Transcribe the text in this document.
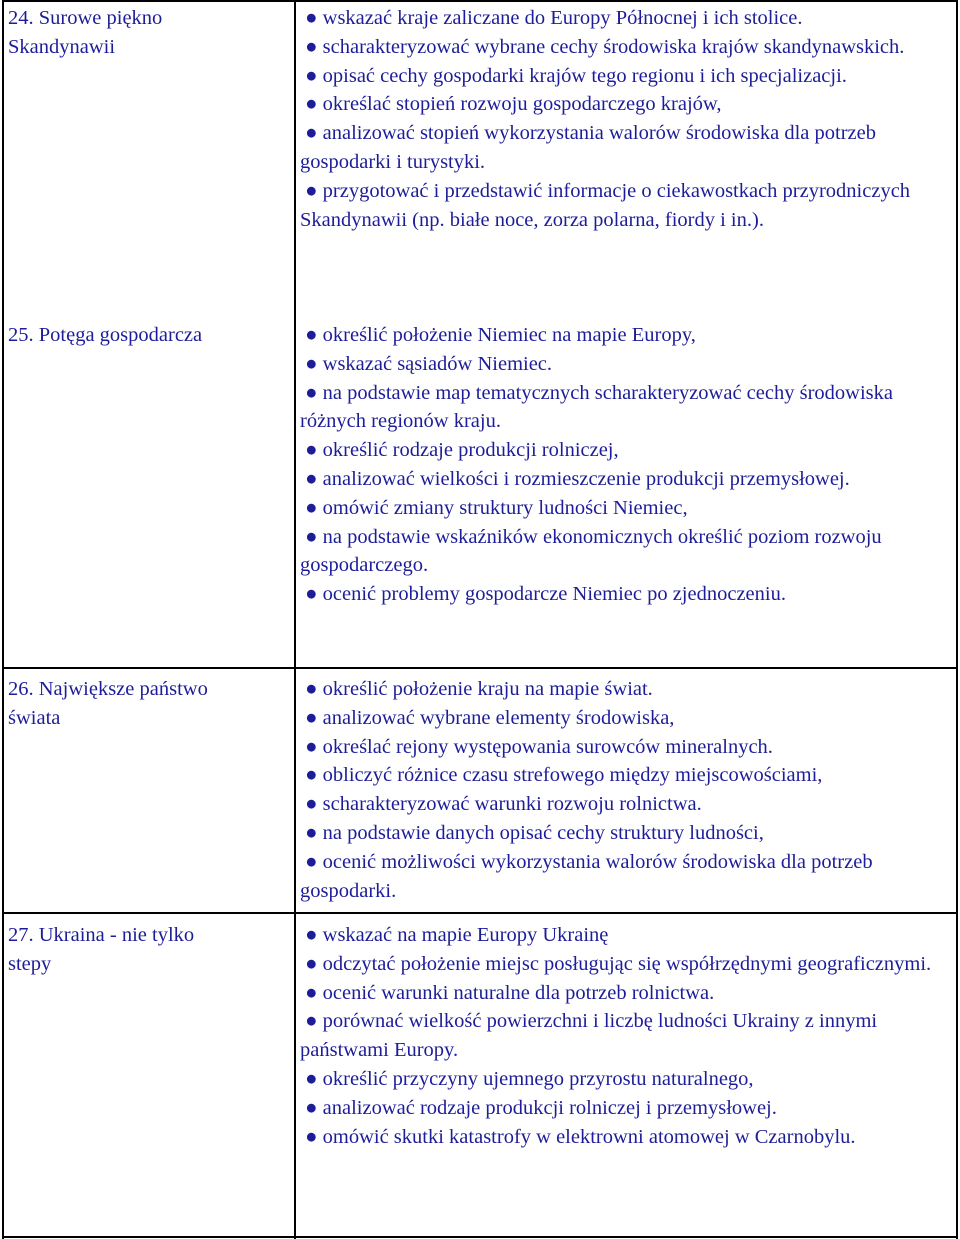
24. Surowe piękno
Skandynawii

● wskazać kraje zaliczane do Europy Północnej i ich stolice.

● scharakteryzować wybrane cechy środowiska krajów skandynawskich.

● opisać cechy gospodarki krajów tego regionu i ich specjalizacji.

● określać stopień rozwoju gospodarczego krajów,

● analizować stopień wykorzystania walorów środowiska dla potrzeb gospodarki i turystyki.

● przygotować i przedstawić informacje o ciekawostkach przyrodniczych Skandynawii (np. białe noce, zorza polarna, fiordy i in.).

25. Potęga gospodarcza	● określić położenie Niemiec na mapie Europy,

● wskazać sąsiadów Niemiec.

● na podstawie map tematycznych scharakteryzować cechy środowiska różnych regionów kraju.

● określić rodzaje produkcji rolniczej,

● analizować wielkości i rozmieszczenie produkcji przemysłowej.

● omówić zmiany struktury ludności Niemiec,

● na podstawie wskaźników ekonomicznych określić poziom rozwoju gospodarczego.

● ocenić problemy gospodarcze Niemiec po zjednoczeniu.

26. Największe państwo
świata

● określić położenie kraju na mapie świat.

● analizować wybrane elementy środowiska,

● określać rejony występowania surowców mineralnych.

● obliczyć różnice czasu strefowego między miejscowościami,

● scharakteryzować warunki rozwoju rolnictwa.

● na podstawie danych opisać cechy struktury ludności,

● ocenić możliwości wykorzystania walorów środowiska dla potrzeb gospodarki.

27. Ukraina - nie tylko
stepy

● wskazać na mapie Europy Ukrainę

● odczytać położenie miejsc posługując się współrzędnymi geograficznymi.

● ocenić warunki naturalne dla potrzeb rolnictwa.

● porównać wielkość powierzchni i liczbę ludności Ukrainy z innymi państwami Europy.

● określić przyczyny ujemnego przyrostu naturalnego,

● analizować rodzaje produkcji rolniczej i przemysłowej.

● omówić skutki katastrofy w elektrowni atomowej w Czarnobylu.
